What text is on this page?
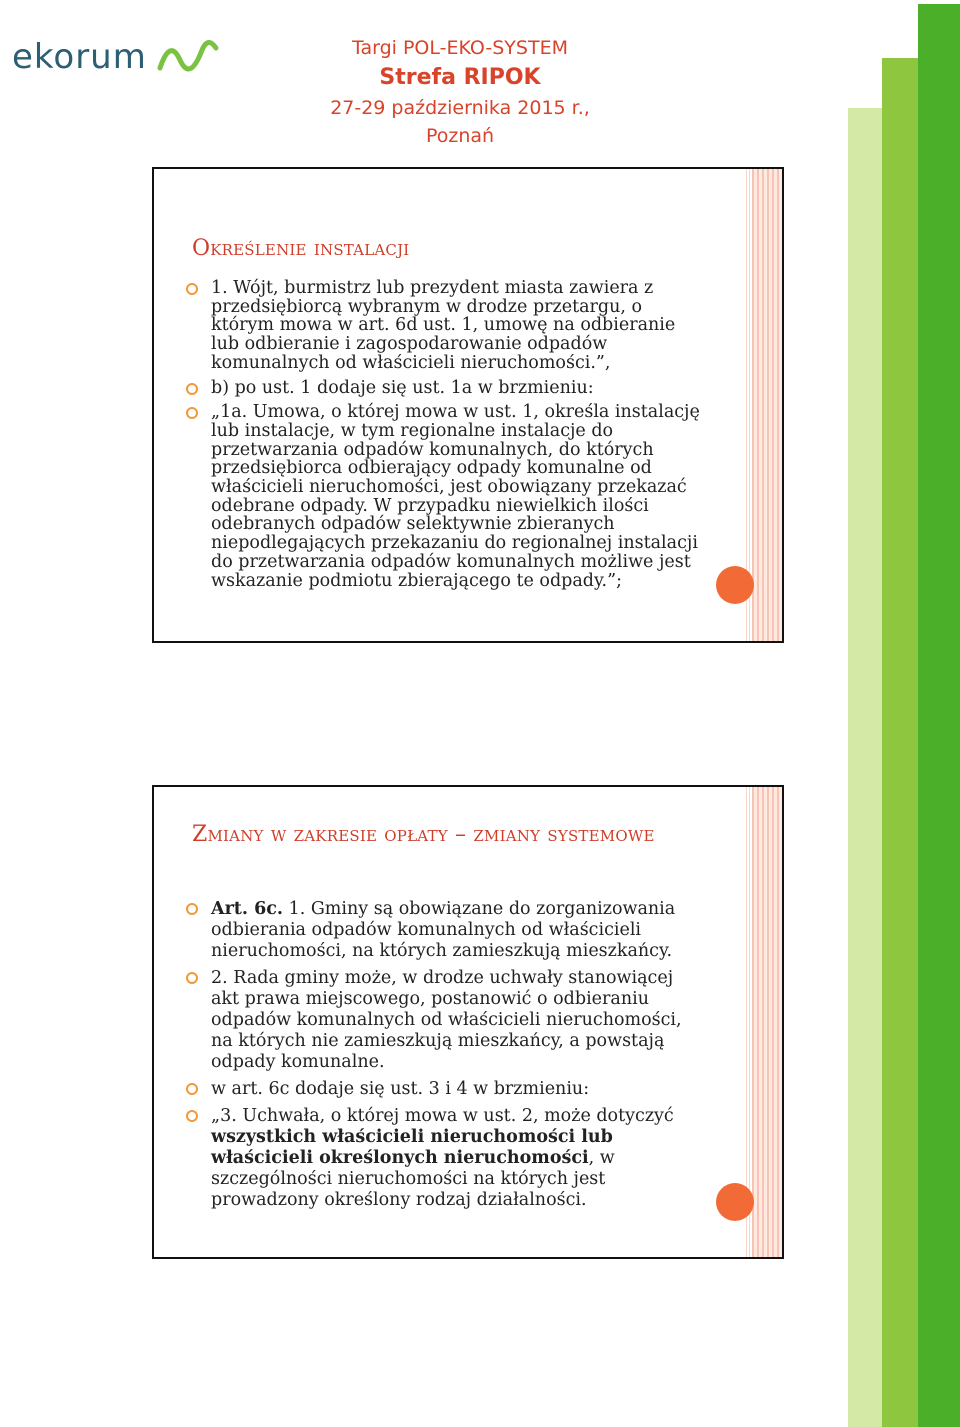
ekorum	Targi POL-EKO-SYSTEM
Strefa RIPOK
27-29 października 2015 r., Poznań
Określenie instalacji
1. Wójt, burmistrz lub prezydent miasta zawiera z przedsiębiorcą wybranym w drodze przetargu, o którym mowa w art. 6d ust. 1, umowę na odbieranie lub odbieranie i zagospodarowanie odpadów komunalnych od właścicieli nieruchomości.”,
b) po ust. 1 dodaje się ust. 1a w brzmieniu:
„1a. Umowa, o której mowa w ust. 1, określa instalację lub instalacje, w tym regionalne instalacje do przetwarzania odpadów komunalnych, do których przedsiębiorca odbierający odpady komunalne od właścicieli nieruchomości, jest obowiązany przekazać odebrane odpady. W przypadku niewielkich ilości odebranych odpadów selektywnie zbieranych niepodlegających przekazaniu do regionalnej instalacji do przetwarzania odpadów komunalnych możliwe jest wskazanie podmiotu zbierającego te odpady.”;
Zmiany w zakresie opłaty – zmiany systemowe
Art. 6c. 1. Gminy są obowiązane do zorganizowania odbierania odpadów komunalnych od właścicieli nieruchomości, na których zamieszkują mieszkańcy.
2. Rada gminy może, w drodze uchwały stanowiącej akt prawa miejscowego, postanowić o odbieraniu odpadów komunalnych od właścicieli nieruchomości, na których nie zamieszkują mieszkańcy, a powstają odpady komunalne.
w art. 6c dodaje się ust. 3 i 4 w brzmieniu:
„3. Uchwała, o której mowa w ust. 2, może dotyczyć wszystkich właścicieli nieruchomości lub właścicieli określonych nieruchomości, w szczególności nieruchomości na których jest prowadzony określony rodzaj działalności.
